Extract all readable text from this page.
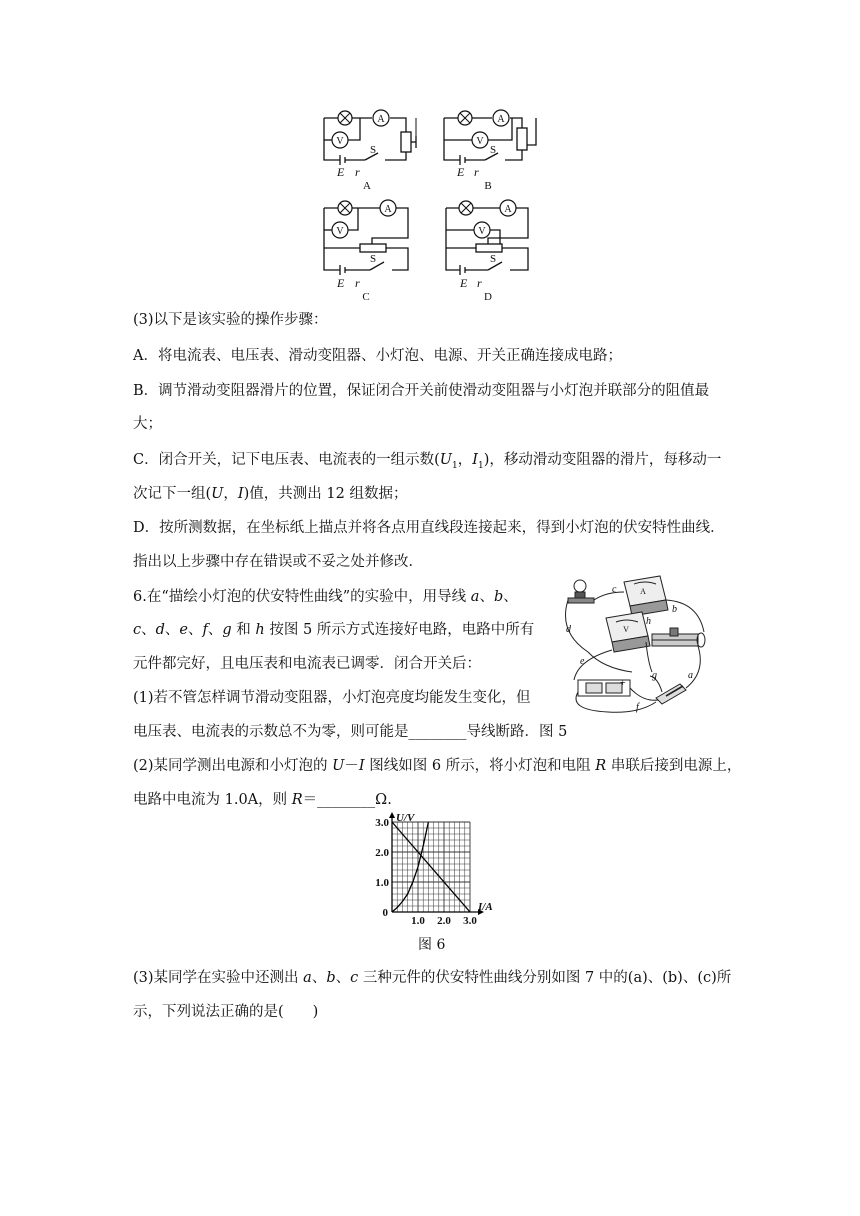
A
V
A
V
A
V
A
V
E r	E r
E r	E r
S	S
S	S
A	B
C	D
(3)以下是该实验的操作步骤：
A．将电流表、电压表、滑动变阻器、小灯泡、电源、开关正确连接成电路；
B．调节滑动变阻器滑片的位置，保证闭合开关前使滑动变阻器与小灯泡并联部分的阻值最
大；
C．闭合开关，记下电压表、电流表的一组示数($U_1$，$I_1$)，移动滑动变阻器的滑片，每移动一
次记下一组(U，I)值，共测出 12 组数据；
D．按所测数据，在坐标纸上描点并将各点用直线段连接起来，得到小灯泡的伏安特性曲线．
指出以上步骤中存在错误或不妥之处并修改．
6.在“描绘小灯泡的伏安特性曲线”的实验中，用导线 a、b、
c、d、e、f、g 和 h 按图 5 所示方式连接好电路，电路中所有
元件都完好，且电压表和电流表已调零．闭合开关后：
(1)若不管怎样调节滑动变阻器，小灯泡亮度均能发生变化，但
电压表、电流表的示数总不为零，则可能是________导线断路．图 5
(2)某同学测出电源和小灯泡的 U－I 图线如图 6 所示，将小灯泡和电阻 R 串联后接到电源上，
电路中电流为 1.0A，则 R＝________Ω.
(3)某同学在实验中还测出 a、b、c 三种元件的伏安特性曲线分别如图 7 中的(a)、(b)、(c)所
示，下列说法正确的是(　　)
c
b
d
h
e
g	a
f
+
A
V
1.0
2.0
3.0
1.0 2.0 3.0
0
U/V
I/A
图 6
